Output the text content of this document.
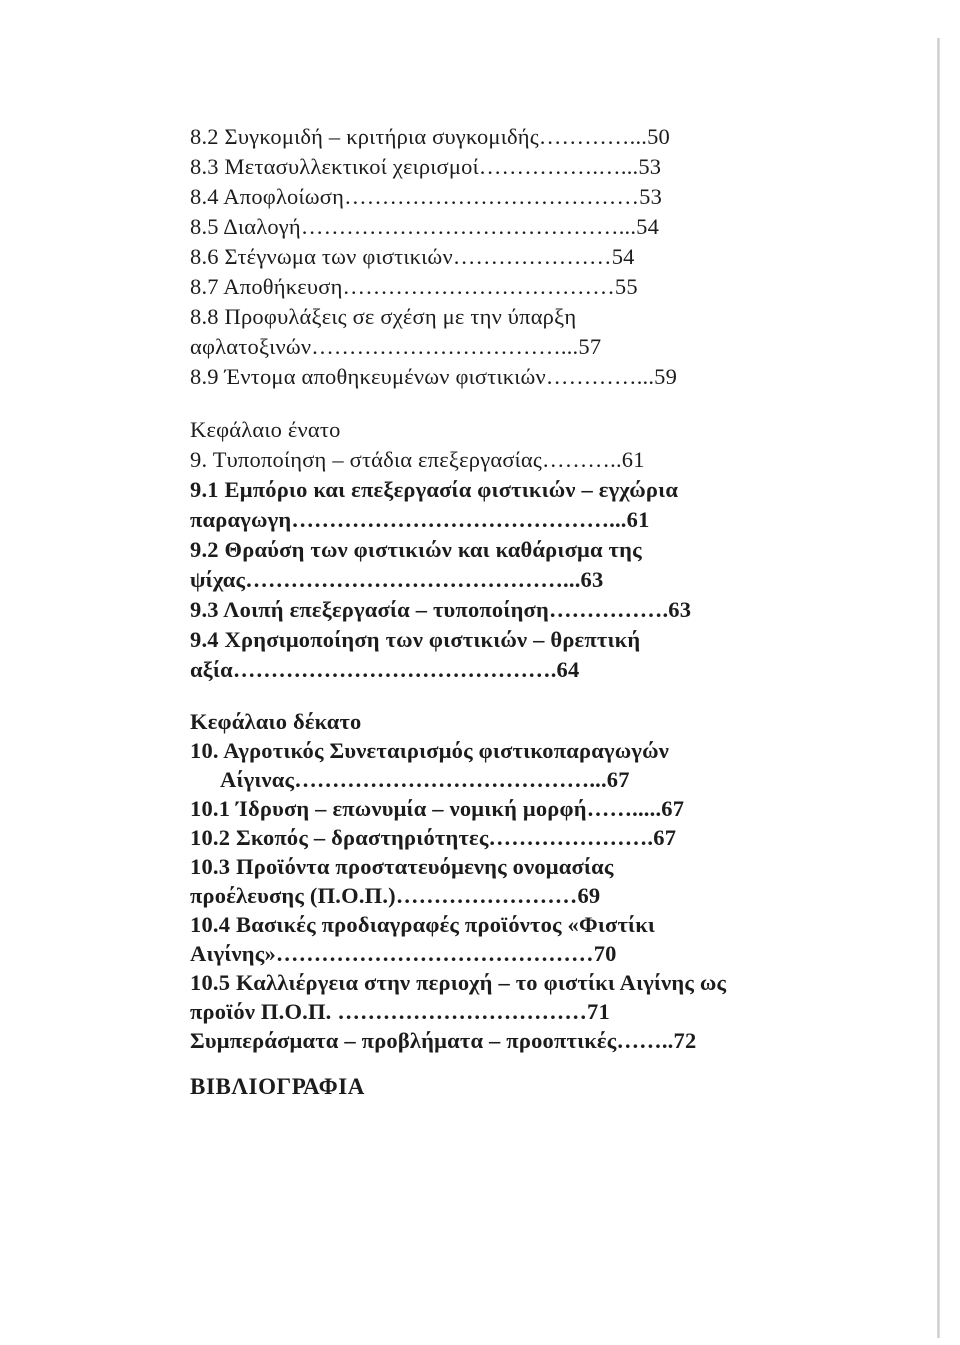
8.2 Συγκομιδή – κριτήρια συγκομιδής…………...50
8.3 Μετασυλλεκτικοί χειρισμοί…………….…...53
8.4 Αποφλοίωση…………………………………53
8.5 Διαλογή……………………………………...54
8.6 Στέγνωμα των φιστικιών…………………54
8.7 Αποθήκευση………………………………55
8.8 Προφυλάξεις σε σχέση με την ύπαρξη
αφλατοξινών……………………………...57
8.9 Έντομα αποθηκευμένων φιστικιών…………...59
Κεφάλαιο ένατο
9. Τυποποίηση – στάδια επεξεργασίας………..61
9.1 Εμπόριο και επεξεργασία φιστικιών – εγχώρια
παραγωγη……………………………………...61
9.2 Θραύση των φιστικιών και καθάρισμα της
ψίχας……………………………………...63
9.3 Λοιπή επεξεργασία – τυποποίηση…………….63
9.4 Χρησιμοποίηση των φιστικιών – θρεπτική
αξία…………………………………….64
Κεφάλαιο δέκατο
10. Αγροτικός Συνεταιρισμός φιστικοπαραγωγών
Αίγινας…………………………………...67
10.1 Ίδρυση – επωνυμία – νομική μορφή…….....67
10.2 Σκοπός – δραστηριότητες………………….67
10.3 Προϊόντα προστατευόμενης ονομασίας
προέλευσης (Π.Ο.Π.)……………………69
10.4 Βασικές προδιαγραφές προϊόντος «Φιστίκι
Αιγίνης»……………………………………70
10.5 Καλλιέργεια στην περιοχή – το φιστίκι Αιγίνης ως
προϊόν Π.Ο.Π. ……………………………71
Συμπεράσματα – προβλήματα – προοπτικές……..72
ΒΙΒΛΙΟΓΡΑΦΙΑ
